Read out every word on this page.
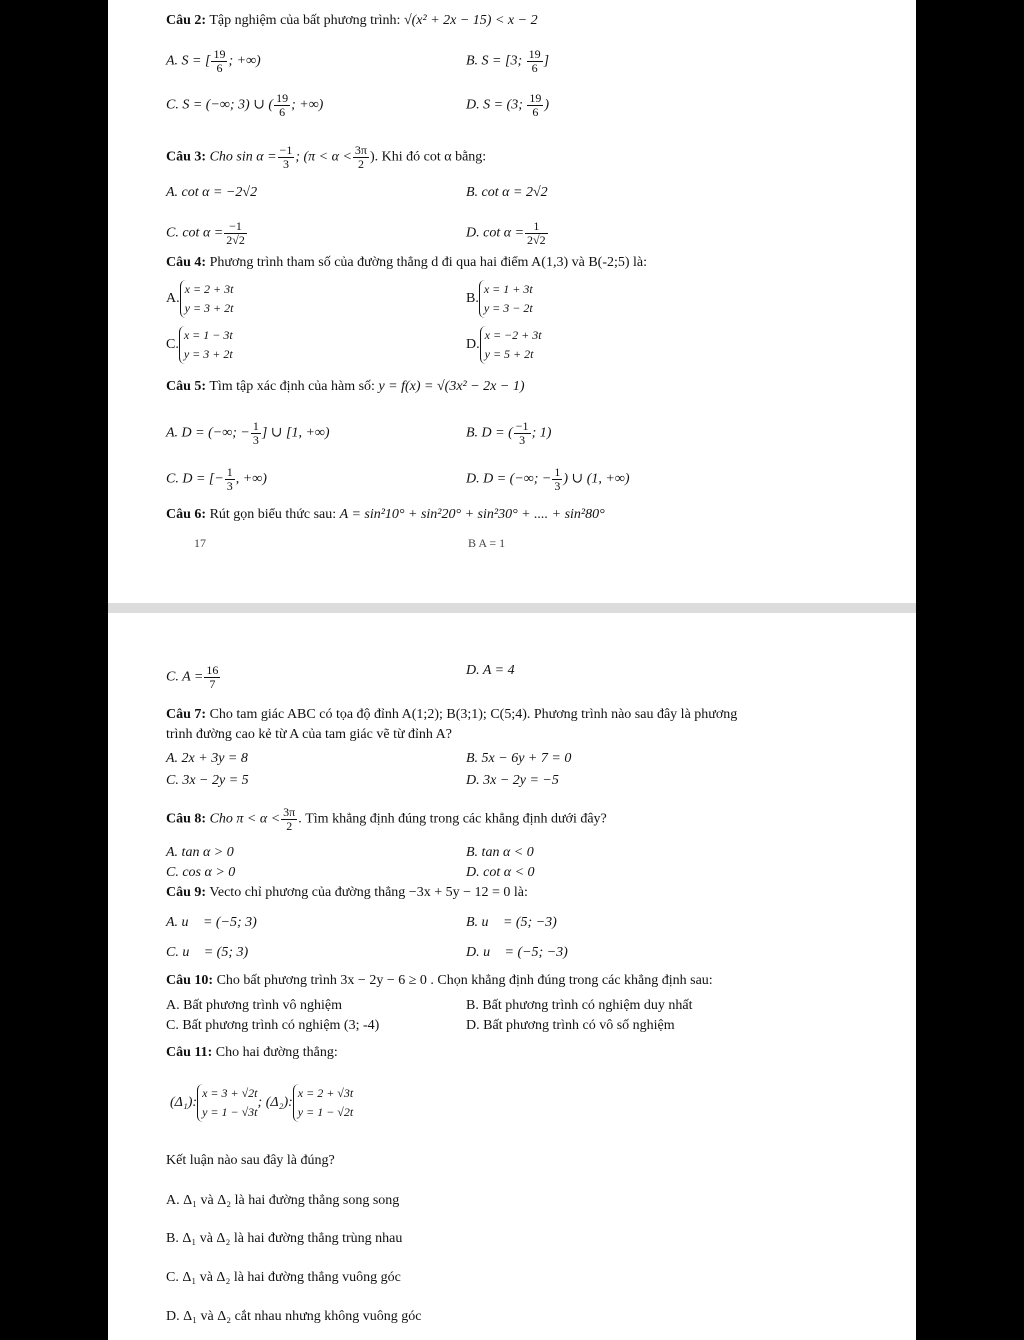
Câu 2: Tập nghiệm của bất phương trình: √(x² + 2x − 15) < x − 2
A. S = [ $\frac{19}{6}$ ; +∞)	B. S = [3; $\frac{19}{6}$ ]
C. S = (−∞; 3) ∪ ( $\frac{19}{6}$ ; +∞)	D. S = (3; $\frac{19}{6}$ )
Câu 3: Cho $\sin \alpha = \frac{-1}{3}$ ; ($\pi < \alpha < \frac{3\pi}{2}$ ). Khi đó cot α bằng:
A. cot α = −2√2	B. cot α = 2√2
C. $\cot \alpha = \frac{-1}{2√2}$	D. $\cot \alpha = \frac{1}{2√2}$
Câu 4: Phương trình tham số của đường thẳng d đi qua hai điểm A(1,3) và B(-2;5) là:
A.x = 2 + 3t
y = 3 + 2t
B.x = 1 + 3t
y = 3 − 2t
C.x = 1 − 3t
y = 3 + 2t
D.x = −2 + 3t
y = 5 + 2t
Câu 5: Tìm tập xác định của hàm số: y = f(x) = √(3x² − 2x − 1)
A. D = (−∞; − $\frac{1}{3}$ ] ∪ [1, +∞)	B. D = ( $\frac{-1}{3}$ ; 1)
C. D = [− $\frac{1}{3}$ , +∞)	D. D = (−∞; − $\frac{1}{3}$ ) ∪ (1, +∞)
Câu 6: Rút gọn biểu thức sau: A = sin²10° + sin²20° + sin²30° + .... + sin²80°
17	B A = 1
C. $A = \frac{16}{7}$	D. A = 4
Câu 7: Cho tam giác ABC có tọa độ đỉnh A(1;2); B(3;1); C(5;4). Phương trình nào sau đây là phương
trình đường cao kẻ từ A của tam giác vẽ từ đỉnh A?
A. 2x + 3y = 8	B. 5x − 6y + 7 = 0
C. 3x − 2y = 5	D. 3x − 2y = −5
Câu 8: Cho $\pi < \alpha < \frac{3\pi}{2}$ . Tìm khẳng định đúng trong các khẳng định dưới đây?
A. tan α > 0	B. tan α < 0
C. cos α > 0	D. cot α < 0
Câu 9: Vecto chỉ phương của đường thẳng −3x + 5y − 12 = 0 là:
A. u⃗ = (−5; 3)	B. u⃗ = (5; −3)
C. u⃗ = (5; 3)	D. u⃗ = (−5; −3)
Câu 10: Cho bất phương trình 3x − 2y − 6 ≥ 0 . Chọn khẳng định đúng trong các khẳng định sau:
A. Bất phương trình vô nghiệm	B. Bất phương trình có nghiệm duy nhất
C. Bất phương trình có nghiệm (3; -4)	D. Bất phương trình có vô số nghiệm
Câu 11: Cho hai đường thẳng:
(Δ₁):x = 3 + √2t
y = 1 − √3t; (Δ₂):x = 2 + √3t
y = 1 − √2t
Kết luận nào sau đây là đúng?
A. Δ₁ và Δ₂ là hai đường thẳng song song
B. Δ₁ và Δ₂ là hai đường thẳng trùng nhau
C. Δ₁ và Δ₂ là hai đường thẳng vuông góc
D. Δ₁ và Δ₂ cắt nhau nhưng không vuông góc
